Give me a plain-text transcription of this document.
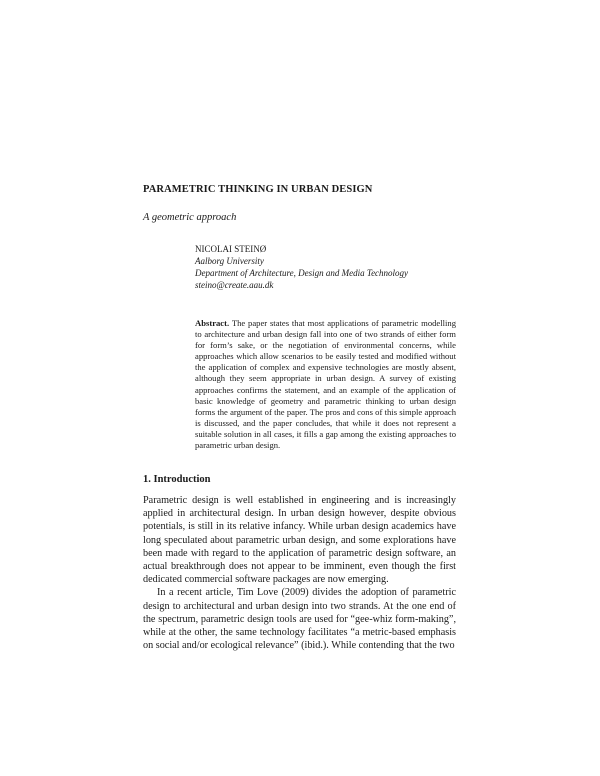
PARAMETRIC THINKING IN URBAN DESIGN
A geometric approach
NICOLAI STEINØ
Aalborg University
Department of Architecture, Design and Media Technology
steino@create.aau.dk
Abstract. The paper states that most applications of parametric modelling to architecture and urban design fall into one of two strands of either form for form’s sake, or the negotiation of environmental concerns, while approaches which allow scenarios to be easily tested and modified without the application of complex and expensive technologies are mostly absent, although they seem appropriate in urban design. A survey of existing approaches confirms the statement, and an example of the application of basic knowledge of geometry and parametric thinking to urban design forms the argument of the paper. The pros and cons of this simple approach is discussed, and the paper concludes, that while it does not represent a suitable solution in all cases, it fills a gap among the existing approaches to parametric urban design.
1. Introduction

Parametric design is well established in engineering and is increasingly applied in architectural design. In urban design however, despite obvious potentials, is still in its relative infancy. While urban design academics have long speculated about parametric urban design, and some explorations have been made with regard to the application of parametric design software, an actual breakthrough does not appear to be imminent, even though the first dedicated commercial software packages are now emerging.

In a recent article, Tim Love (2009) divides the adoption of parametric design to architectural and urban design into two strands. At the one end of the spectrum, parametric design tools are used for “gee-whiz form-making”, while at the other, the same technology facilitates “a metric-based emphasis on social and/or ecological relevance” (ibid.). While contending that the two
